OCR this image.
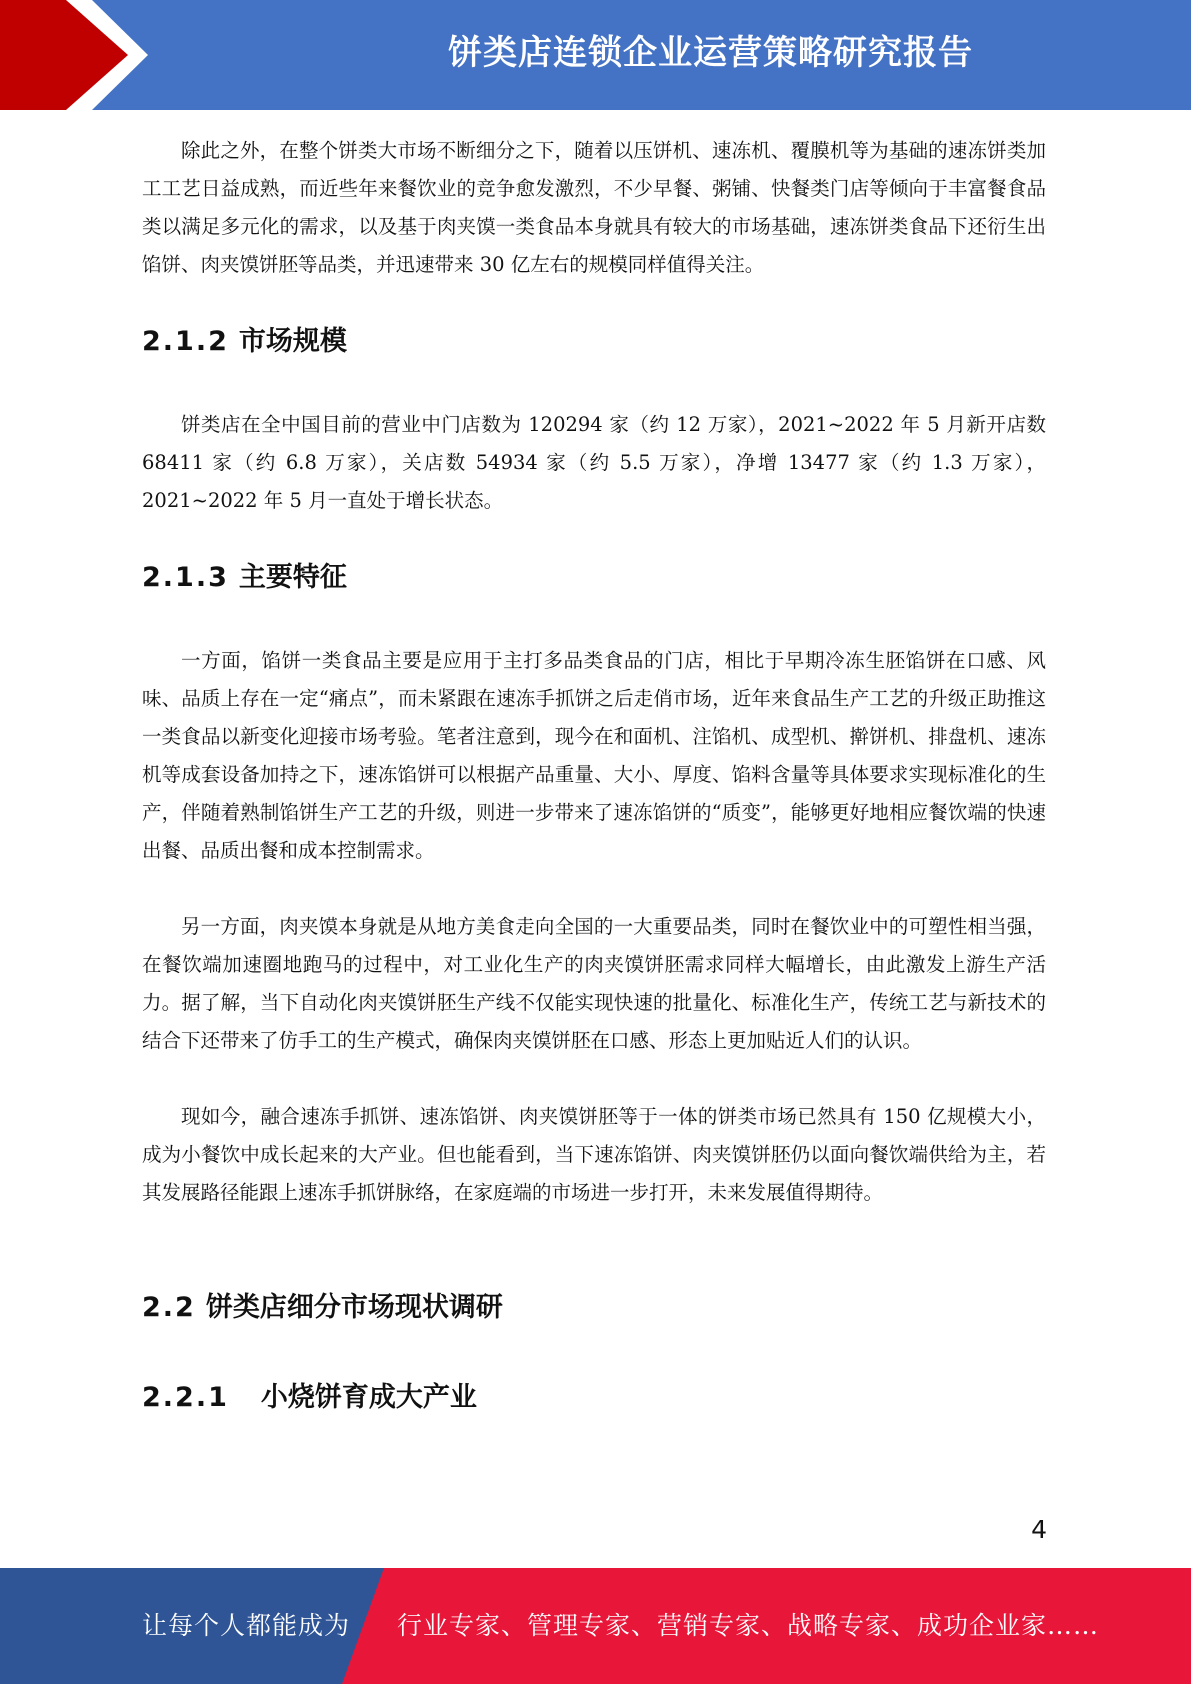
饼类店连锁企业运营策略研究报告

除此之外，在整个饼类大市场不断细分之下，随着以压饼机、速冻机、覆膜机等为基础的速冻饼类加工工艺日益成熟，而近些年来餐饮业的竞争愈发激烈，不少早餐、粥铺、快餐类门店等倾向于丰富餐食品类以满足多元化的需求，以及基于肉夹馍一类食品本身就具有较大的市场基础，速冻饼类食品下还衍生出馅饼、肉夹馍饼胚等品类，并迅速带来 30 亿左右的规模同样值得关注。

2.1.2 市场规模

饼类店在全中国目前的营业中门店数为 120294 家（约 12 万家），2021~2022 年 5 月新开店数 68411 家（约 6.8 万家），关店数 54934 家（约 5.5 万家），净增 13477 家（约 1.3 万家），2021~2022 年 5 月一直处于增长状态。

2.1.3 主要特征

一方面，馅饼一类食品主要是应用于主打多品类食品的门店，相比于早期冷冻生胚馅饼在口感、风味、品质上存在一定“痛点”，而未紧跟在速冻手抓饼之后走俏市场，近年来食品生产工艺的升级正助推这一类食品以新变化迎接市场考验。笔者注意到，现今在和面机、注馅机、成型机、擀饼机、排盘机、速冻机等成套设备加持之下，速冻馅饼可以根据产品重量、大小、厚度、馅料含量等具体要求实现标准化的生产，伴随着熟制馅饼生产工艺的升级，则进一步带来了速冻馅饼的“质变”，能够更好地相应餐饮端的快速出餐、品质出餐和成本控制需求。

另一方面，肉夹馍本身就是从地方美食走向全国的一大重要品类，同时在餐饮业中的可塑性相当强，在餐饮端加速圈地跑马的过程中，对工业化生产的肉夹馍饼胚需求同样大幅增长，由此激发上游生产活力。据了解，当下自动化肉夹馍饼胚生产线不仅能实现快速的批量化、标准化生产，传统工艺与新技术的结合下还带来了仿手工的生产模式，确保肉夹馍饼胚在口感、形态上更加贴近人们的认识。

现如今，融合速冻手抓饼、速冻馅饼、肉夹馍饼胚等于一体的饼类市场已然具有 150 亿规模大小，成为小餐饮中成长起来的大产业。但也能看到，当下速冻馅饼、肉夹馍饼胚仍以面向餐饮端供给为主，若其发展路径能跟上速冻手抓饼脉络，在家庭端的市场进一步打开，未来发展值得期待。

2.2 饼类店细分市场现状调研
2.2.1 小烧饼育成大产业
4
让每个人都能成为 行业专家、管理专家、营销专家、战略专家、成功企业家……
